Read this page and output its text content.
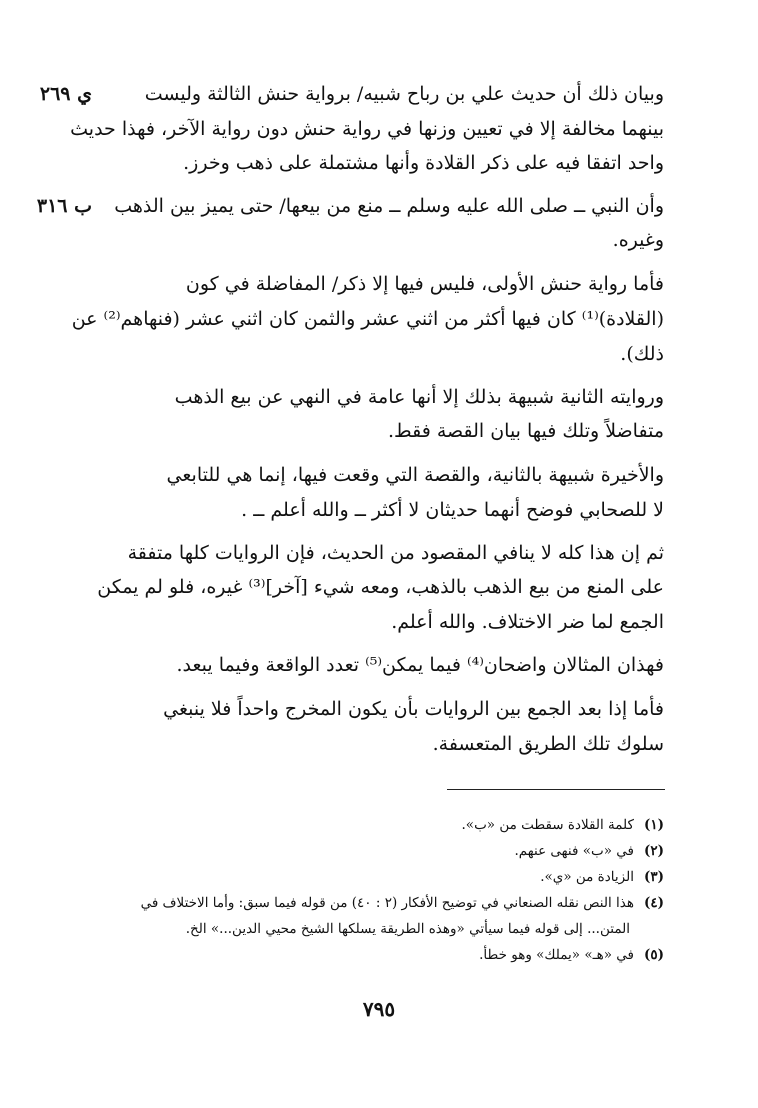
ي ٢٦٩
ب ٣١٦
وبيان ذلك أن حديث علي بن رباح شبيه/ برواية حنش الثالثة وليست
بينهما مخالفة إلا في تعيين وزنها في رواية حنش دون رواية الآخر، فهذا حديث
واحد اتفقا فيه على ذكر القلادة وأنها مشتملة على ذهب وخرز.
وأن النبي ــ صلى الله عليه وسلم ــ منع من بيعها/ حتى يميز بين الذهب
وغيره.
فأما رواية حنش الأولى، فليس فيها إلا ذكر/ المفاضلة في كون
(القلادة)⁽¹⁾ كان فيها أكثر من اثني عشر والثمن كان اثني عشر (فنهاهم⁽²⁾ عن
ذلك).
وروايته الثانية شبيهة بذلك إلا أنها عامة في النهي عن بيع الذهب
متفاضلاً وتلك فيها بيان القصة فقط.
والأخيرة شبيهة بالثانية، والقصة التي وقعت فيها، إنما هي للتابعي
لا للصحابي فوضح أنهما حديثان لا أكثر ــ والله أعلم ــ .
ثم إن هذا كله لا ينافي المقصود من الحديث، فإن الروايات كلها متفقة
على المنع من بيع الذهب بالذهب، ومعه شيء [آخر]⁽³⁾ غيره، فلو لم يمكن
الجمع لما ضر الاختلاف. والله أعلم.
فهذان المثالان واضحان⁽⁴⁾ فيما يمكن⁽⁵⁾ تعدد الواقعة وفيما يبعد.
فأما إذا بعد الجمع بين الروايات بأن يكون المخرج واحداً فلا ينبغي
سلوك تلك الطريق المتعسفة.
(١)كلمة القلادة سقطت من «ب».
(٢)في «ب» فنهى عنهم.
(٣)الزيادة من «ي».
(٤)هذا النص نقله الصنعاني في توضيح الأفكار (٢ : ٤٠) من قوله فيما سبق: وأما الاختلاف في
المتن... إلى قوله فيما سيأتي «وهذه الطريقة يسلكها الشيخ محيي الدين...» الخ.
(٥)في «هـ» «يملك» وهو خطأ.
٧٩٥
